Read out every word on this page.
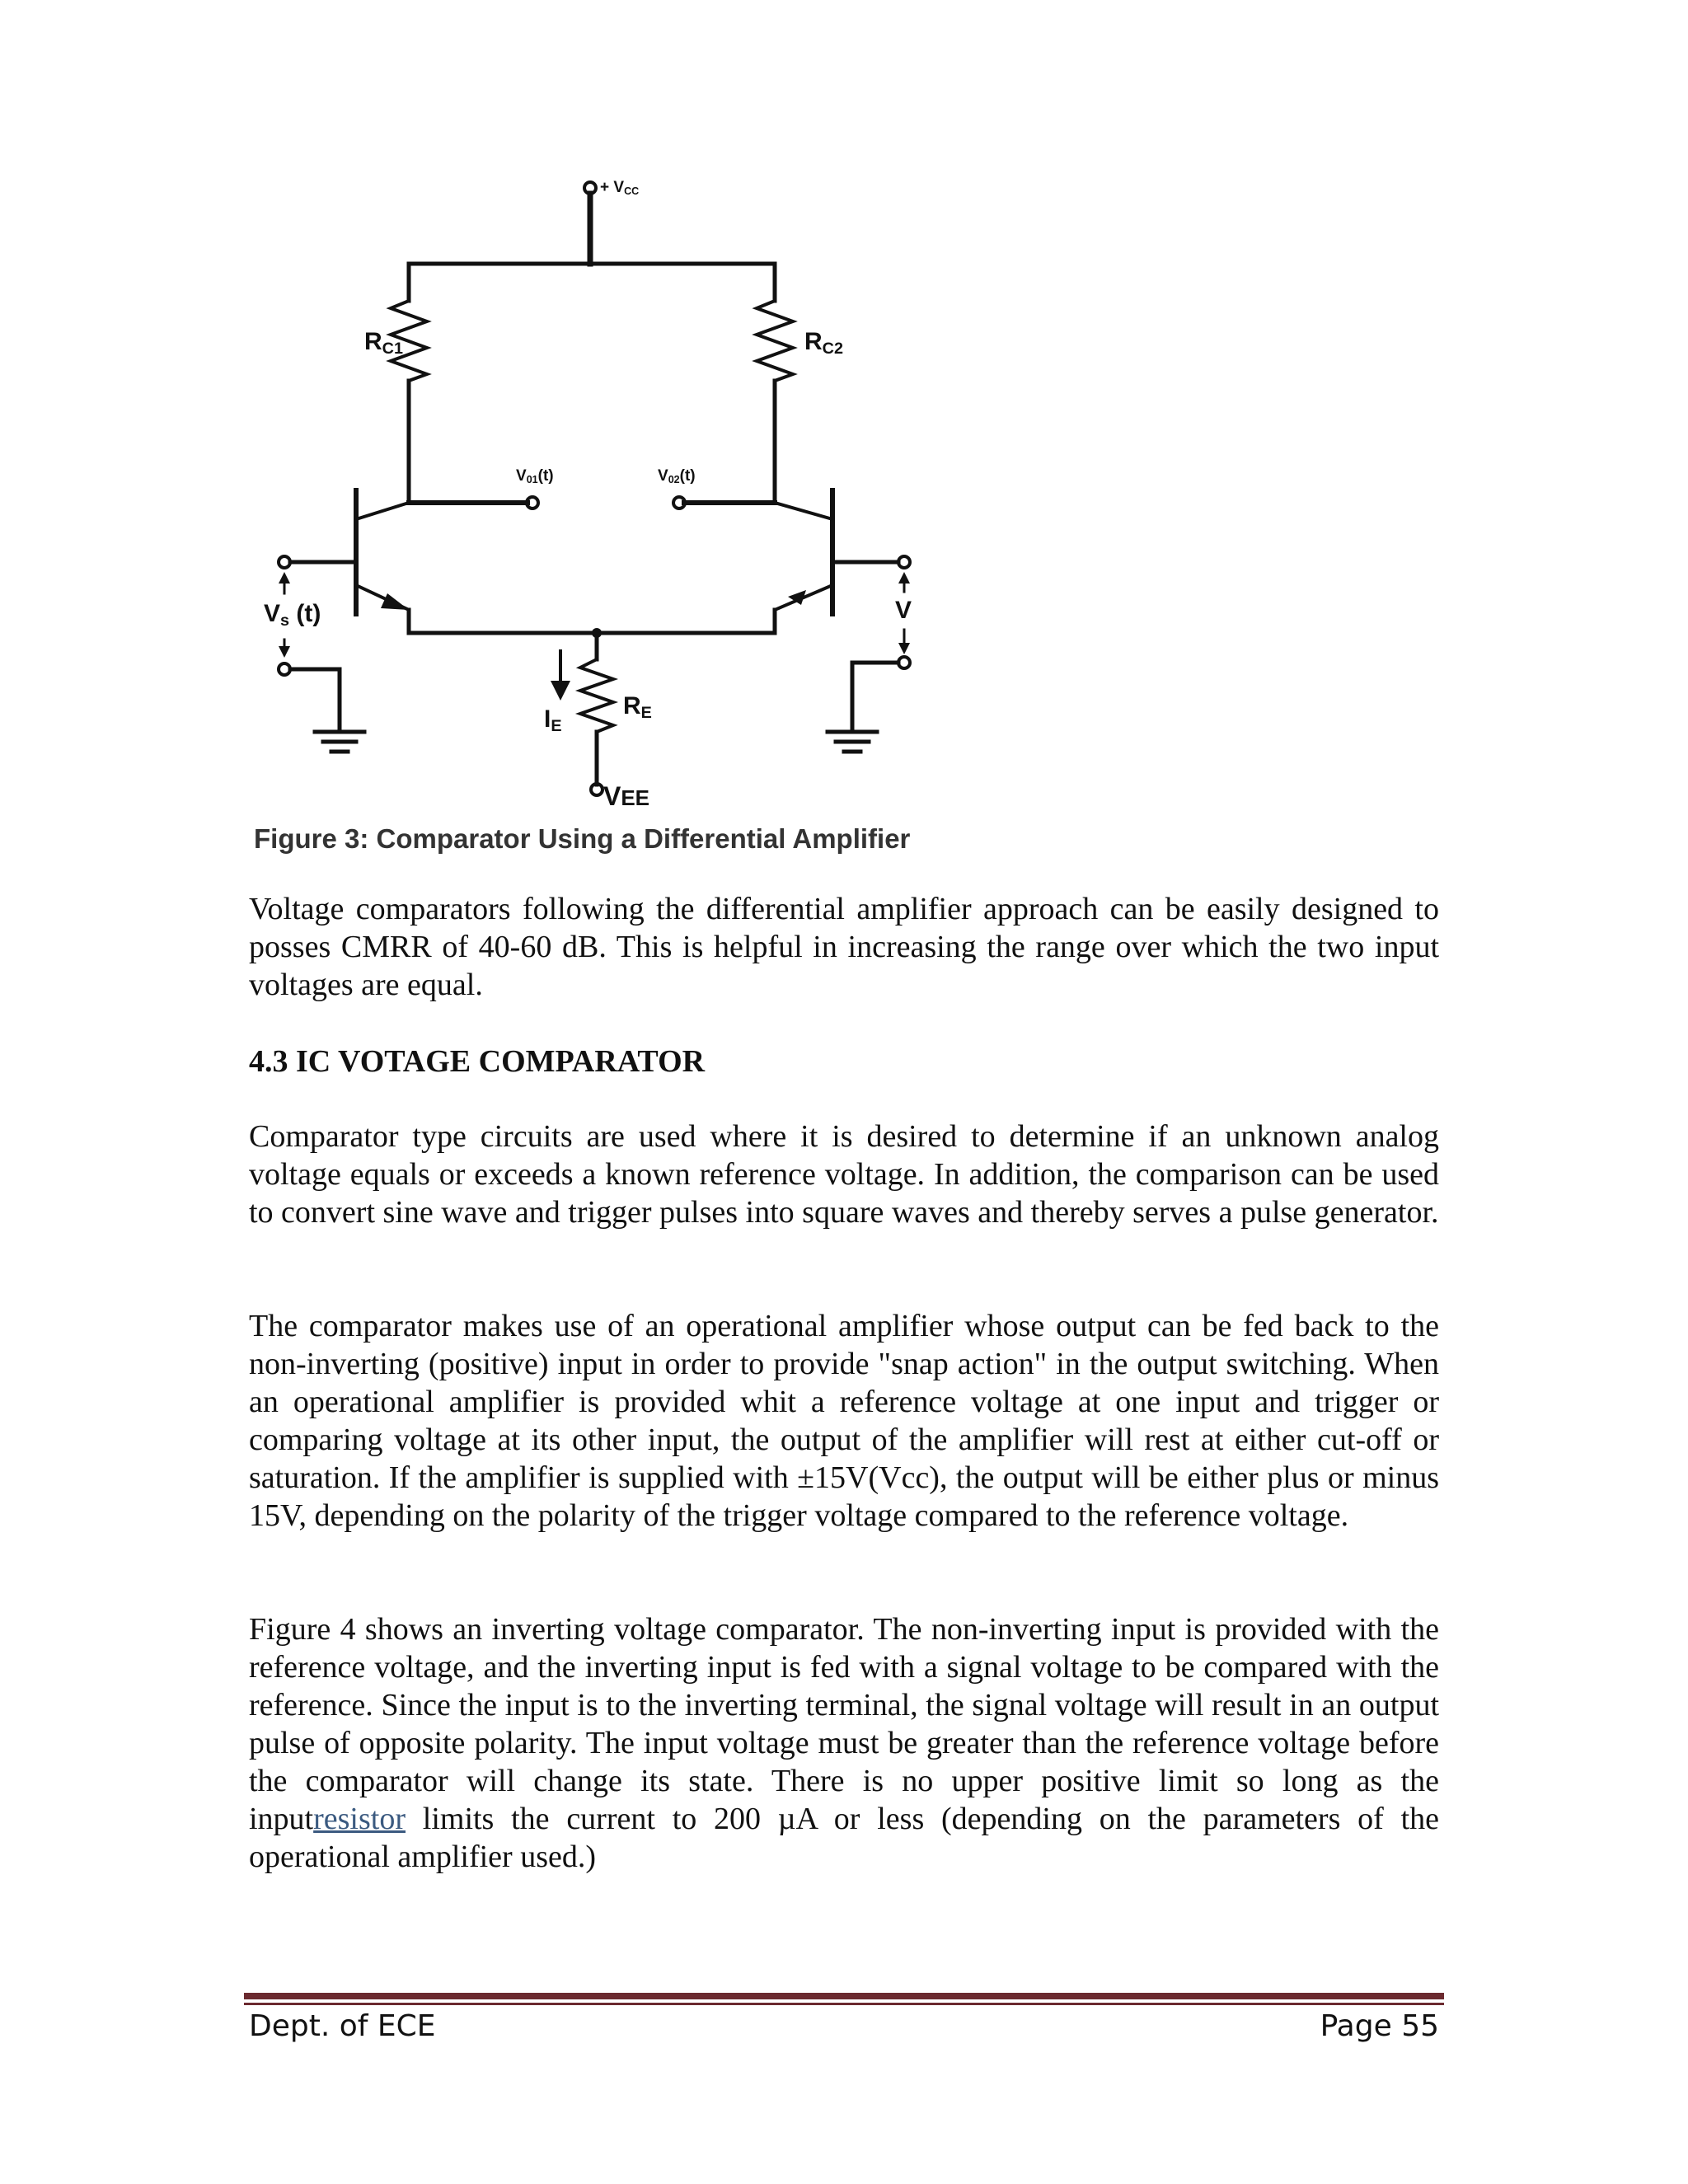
+ $V_{CC}$
$R_{C1}$	$R_{C2}$
$V_{01}(t)$	$V_{02}(t)$
$V_s$ (t)	V
$I_E$
$R_E$
VEE
Figure 3: Comparator Using a Differential Amplifier

Voltage comparators following the differential amplifier approach can be easily designed to posses CMRR of 40-60 dB. This is helpful in increasing the range over which the two input voltages are equal.

4.3 IC VOTAGE COMPARATOR

Comparator type circuits are used where it is desired to determine if an unknown analog voltage equals or exceeds a known reference voltage. In addition, the comparison can be used to convert sine wave and trigger pulses into square waves and thereby serves a pulse generator.

The comparator makes use of an operational amplifier whose output can be fed back to the non-inverting (positive) input in order to provide "snap action" in the output switching. When an operational amplifier is provided whit a reference voltage at one input and trigger or comparing voltage at its other input, the output of the amplifier will rest at either cut-off or saturation. If the amplifier is supplied with ±15V(Vcc), the output will be either plus or minus 15V, depending on the polarity of the trigger voltage compared to the reference voltage.

Figure 4 shows an inverting voltage comparator. The non-inverting input is provided with the reference voltage, and the inverting input is fed with a signal voltage to be compared with the reference. Since the input is to the inverting terminal, the signal voltage will result in an output pulse of opposite polarity. The input voltage must be greater than the reference voltage before the comparator will change its state. There is no upper positive limit so long as the inputresistor limits the current to 200 µA or less (depending on the parameters of the operational amplifier used.)

Dept. of ECE	Page 55
